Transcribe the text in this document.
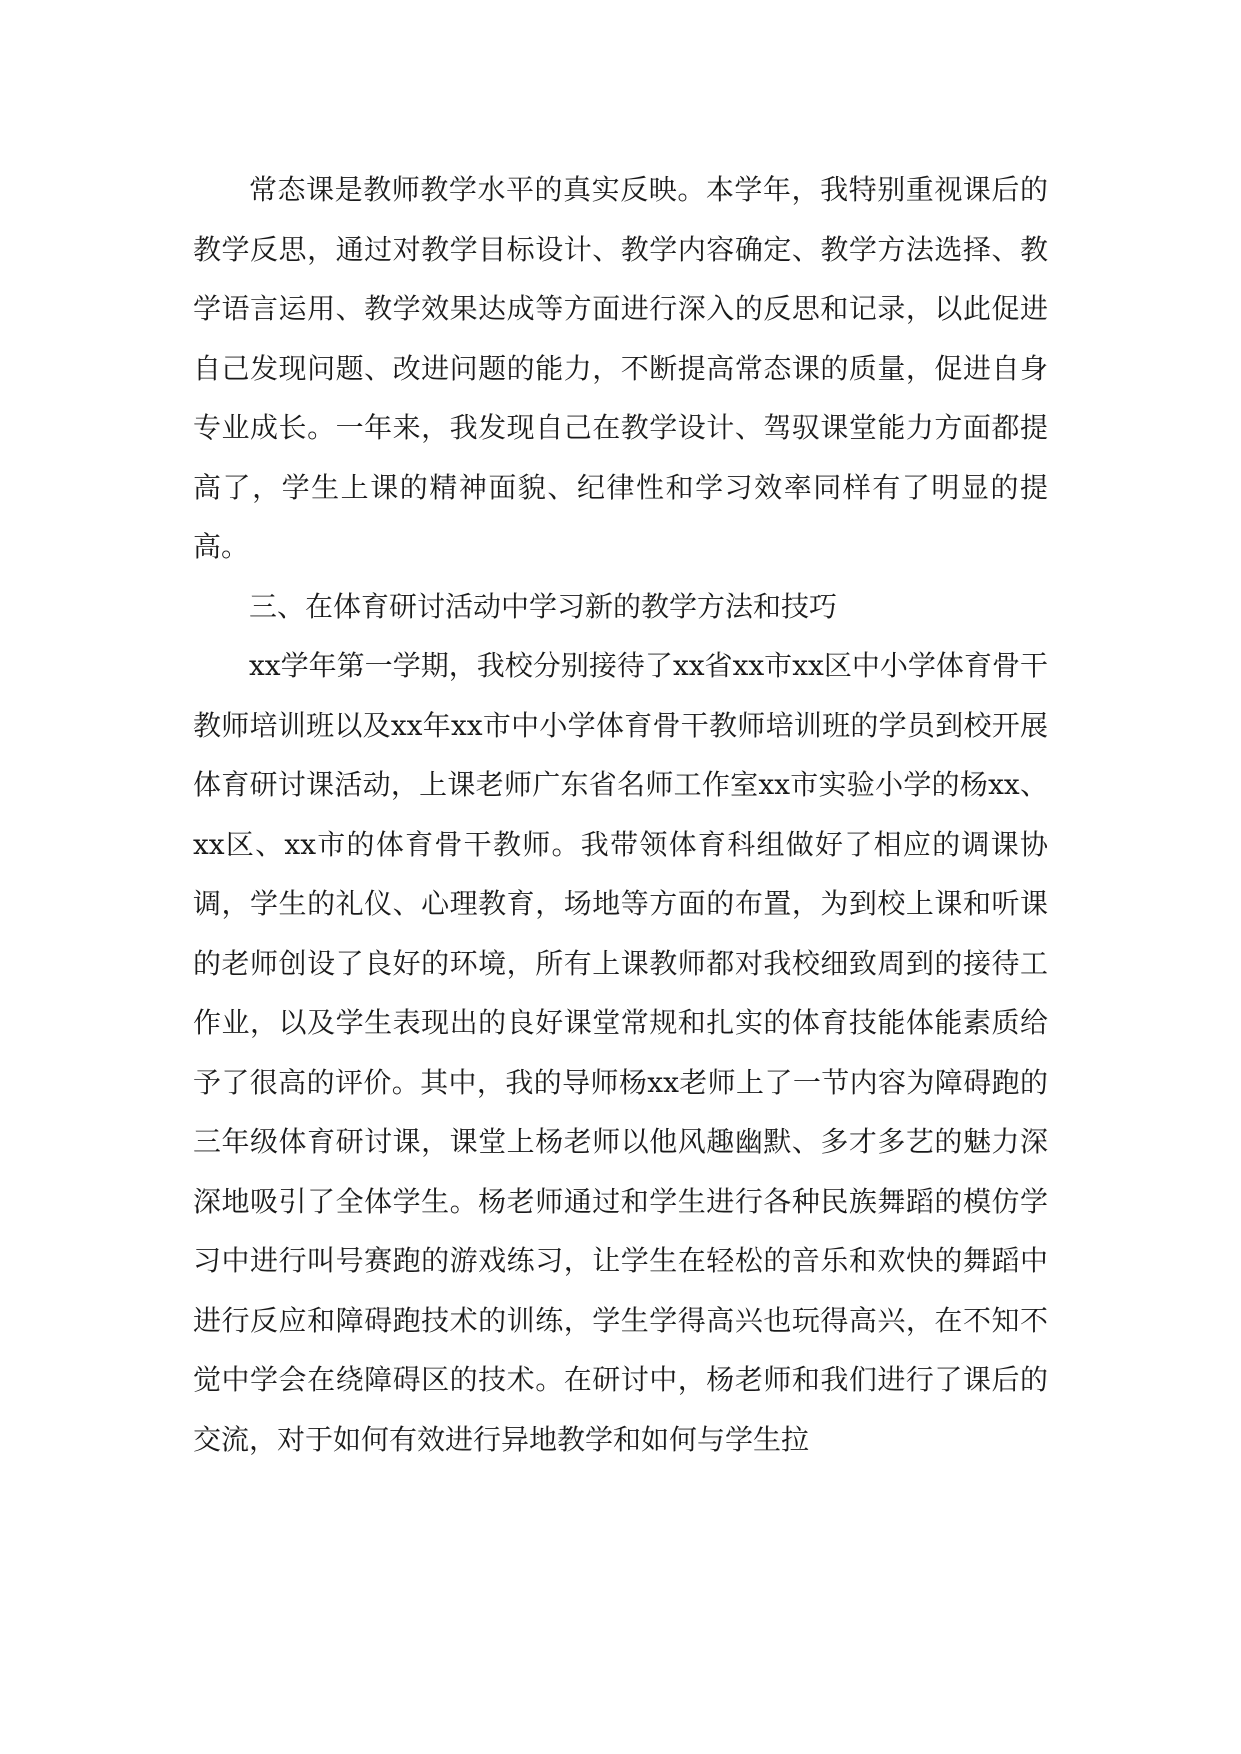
常态课是教师教学水平的真实反映。本学年，我特别重视课后的教学反思，通过对教学目标设计、教学内容确定、教学方法选择、教学语言运用、教学效果达成等方面进行深入的反思和记录，以此促进自己发现问题、改进问题的能力，不断提高常态课的质量，促进自身专业成长。一年来，我发现自己在教学设计、驾驭课堂能力方面都提高了，学生上课的精神面貌、纪律性和学习效率同样有了明显的提高。

三、在体育研讨活动中学习新的教学方法和技巧

xx学年第一学期，我校分别接待了xx省xx市xx区中小学体育骨干教师培训班以及xx年xx市中小学体育骨干教师培训班的学员到校开展体育研讨课活动，上课老师广东省名师工作室xx市实验小学的杨xx、xx区、xx市的体育骨干教师。我带领体育科组做好了相应的调课协调，学生的礼仪、心理教育，场地等方面的布置，为到校上课和听课的老师创设了良好的环境，所有上课教师都对我校细致周到的接待工作业，以及学生表现出的良好课堂常规和扎实的体育技能体能素质给予了很高的评价。其中，我的导师杨xx老师上了一节内容为障碍跑的三年级体育研讨课，课堂上杨老师以他风趣幽默、多才多艺的魅力深深地吸引了全体学生。杨老师通过和学生进行各种民族舞蹈的模仿学习中进行叫号赛跑的游戏练习，让学生在轻松的音乐和欢快的舞蹈中进行反应和障碍跑技术的训练，学生学得高兴也玩得高兴，在不知不觉中学会在绕障碍区的技术。在研讨中，杨老师和我们进行了课后的交流，对于如何有效进行异地教学和如何与学生拉
